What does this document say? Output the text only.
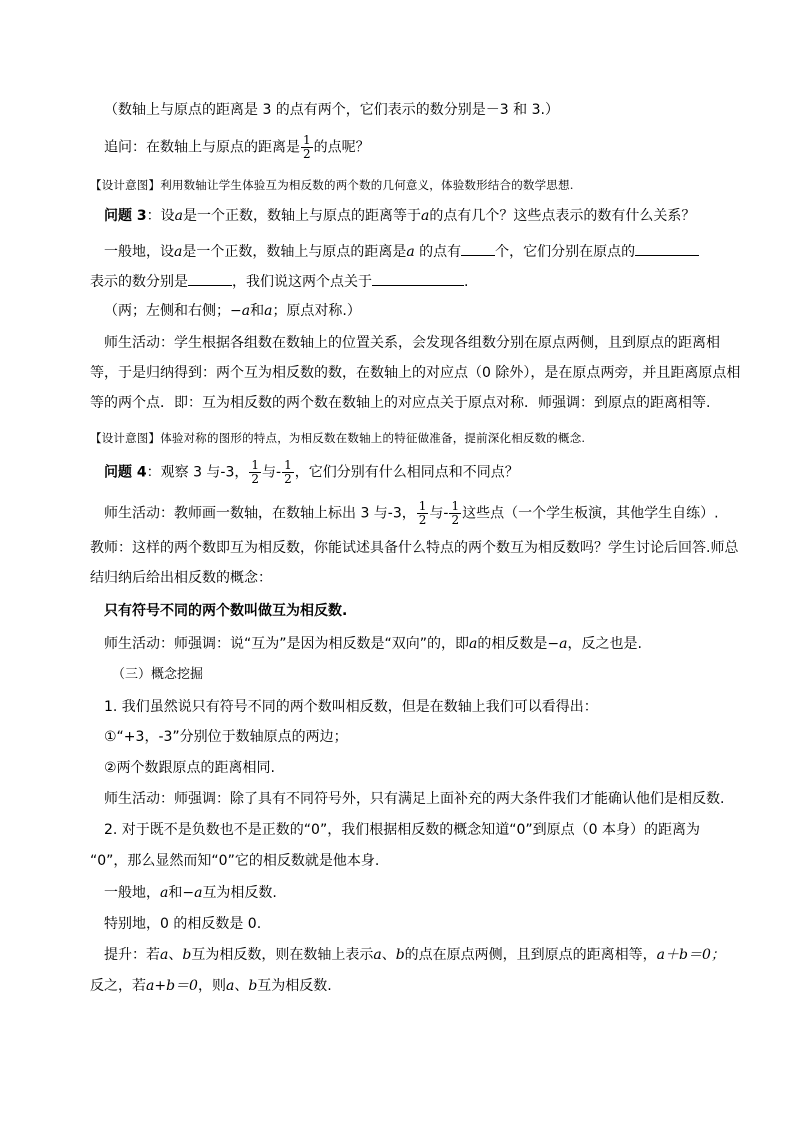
（数轴上与原点的距离是 3 的点有两个，它们表示的数分别是－3 和 3.）
追问：在数轴上与原点的距离是 $\frac{1}{2}$ 的点呢？
【设计意图】利用数轴让学生体验互为相反数的两个数的几何意义，体验数形结合的数学思想.
问题 3：设a是一个正数，数轴上与原点的距离等于a的点有几个？这些点表示的数有什么关系？
一般地，设a是一个正数，数轴上与原点的距离是a 的点有 个，它们分别在原点的
表示的数分别是	，我们说这两个点关于	.
（两；左侧和右侧；−a和a；原点对称.）
师生活动：学生根据各组数在数轴上的位置关系，会发现各组数分别在原点两侧，且到原点的距离相
等，于是归纳得到：两个互为相反数的数，在数轴上的对应点（0 除外），是在原点两旁，并且距离原点相
等的两个点．即：互为相反数的两个数在数轴上的对应点关于原点对称．师强调：到原点的距离相等.
【设计意图】体验对称的图形的特点，为相反数在数轴上的特征做准备，提前深化相反数的概念.
问题 4：观察 3 与-3， $\frac{1}{2}$ 与- $\frac{1}{2}$ ，它们分别有什么相同点和不同点？
师生活动：教师画一数轴，在数轴上标出 3 与-3， $\frac{1}{2}$ 与- $\frac{1}{2}$ 这些点（一个学生板演，其他学生自练）.
教师：这样的两个数即互为相反数，你能试述具备什么特点的两个数互为相反数吗？学生讨论后回答.师总
结归纳后给出相反数的概念：
只有符号不同的两个数叫做互为相反数.
师生活动：师强调：说“互为”是因为相反数是“双向”的，即a的相反数是−a，反之也是.
（三）概念挖掘
1. 我们虽然说只有符号不同的两个数叫相反数，但是在数轴上我们可以看得出：
①“+3，-3”分别位于数轴原点的两边；
②两个数跟原点的距离相同.
师生活动：师强调：除了具有不同符号外，只有满足上面补充的两大条件我们才能确认他们是相反数.
2. 对于既不是负数也不是正数的“0”，我们根据相反数的概念知道“0”到原点（0 本身）的距离为
“0”，那么显然而知“0”它的相反数就是他本身.
一般地，a和−a互为相反数.
特别地，0 的相反数是 0.
提升：若a、b互为相反数，则在数轴上表示a、b的点在原点两侧，且到原点的距离相等，a＋b＝0；
反之，若a+b＝0，则a、b互为相反数.
